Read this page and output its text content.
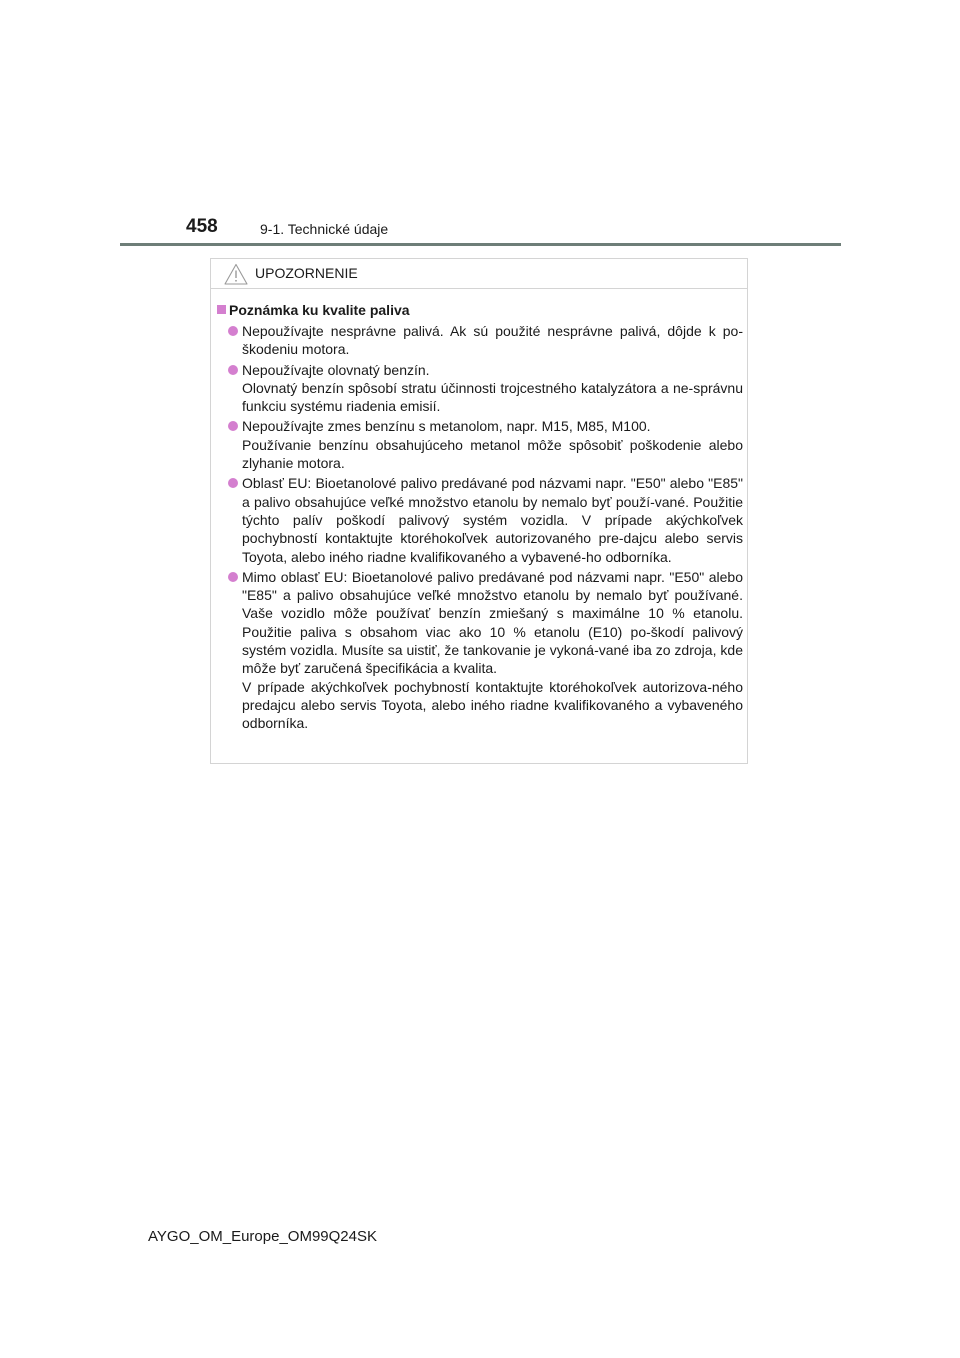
458	9-1. Technické údaje
UPOZORNENIE
Poznámka ku kvalite paliva
Nepoužívajte nesprávne palivá. Ak sú použité nesprávne palivá, dôjde k po-škodeniu motora.
Nepoužívajte olovnatý benzín.
Olovnatý benzín spôsobí stratu účinnosti trojcestného katalyzátora a ne-správnu funkciu systému riadenia emisií.
Nepoužívajte zmes benzínu s metanolom, napr. M15, M85, M100.
Používanie benzínu obsahujúceho metanol môže spôsobiť poškodenie alebo zlyhanie motora.
Oblasť EU: Bioetanolové palivo predávané pod názvami napr. "E50" alebo "E85" a palivo obsahujúce veľké množstvo etanolu by nemalo byť použí-vané. Použitie týchto palív poškodí palivový systém vozidla. V prípade akýchkoľvek pochybností kontaktujte ktoréhokoľvek autorizovaného pre-dajcu alebo servis Toyota, alebo iného riadne kvalifikovaného a vybavené-ho odborníka.
Mimo oblasť EU: Bioetanolové palivo predávané pod názvami napr. "E50" alebo "E85" a palivo obsahujúce veľké množstvo etanolu by nemalo byť používané. Vaše vozidlo môže používať benzín zmiešaný s maximálne 10 % etanolu. Použitie paliva s obsahom viac ako 10 % etanolu (E10) po-škodí palivový systém vozidla. Musíte sa uistiť, že tankovanie je vykoná-vané iba zo zdroja, kde môže byť zaručená špecifikácia a kvalita.
V prípade akýchkoľvek pochybností kontaktujte ktoréhokoľvek autorizova-ného predajcu alebo servis Toyota, alebo iného riadne kvalifikovaného a vybaveného odborníka.
AYGO_OM_Europe_OM99Q24SK
